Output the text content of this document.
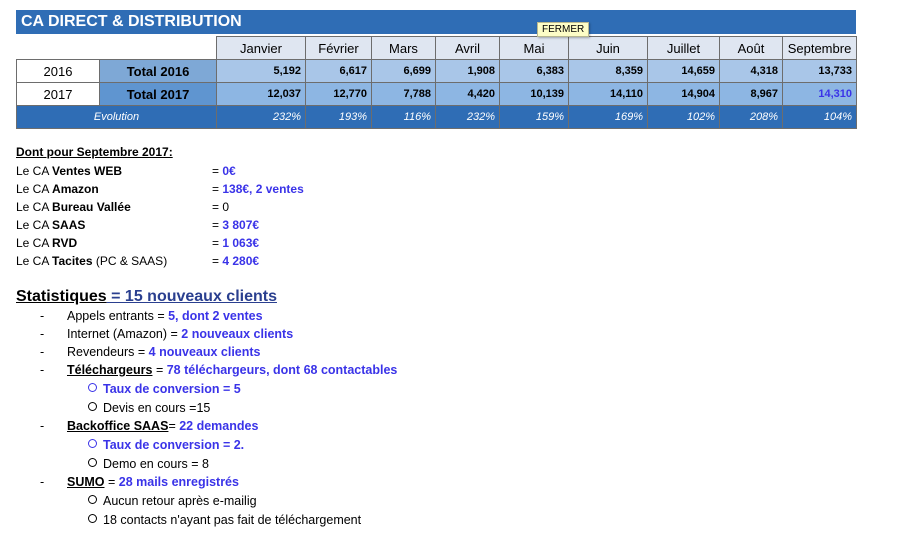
CA DIRECT & DISTRIBUTION
		Janvier	Février	Mars	Avril	Mai	Juin	Juillet	Août	Septembre
2016	Total 2016	5,192	6,617	6,699	1,908	6,383	8,359	14,659	4,318	13,733
2017	Total 2017	12,037	12,770	7,788	4,420	10,139	14,110	14,904	8,967	14,310
Evolution		232%	193%	116%	232%	159%	169%	102%	208%	104%
FERMER
Dont pour Septembre 2017:
Le CA Ventes WEB	= 0€
Le CA Amazon	= 138€, 2 ventes
Le CA Bureau Vallée	= 0
Le CA SAAS	= 3 807€
Le CA RVD	= 1 063€
Le CA Tacites (PC & SAAS)	= 4 280€
Statistiques = 15 nouveaux clients
- Appels entrants = 5, dont 2 ventes
- Internet (Amazon) = 2 nouveaux clients
- Revendeurs = 4 nouveaux clients
- Téléchargeurs = 78 téléchargeurs, dont 68 contactables
Taux de conversion = 5
Devis en cours =15
- Backoffice SAAS= 22 demandes
Taux de conversion = 2.
Demo en cours = 8
- SUMO = 28 mails enregistrés
Aucun retour après e-mailig
18 contacts n'ayant pas fait de téléchargement
